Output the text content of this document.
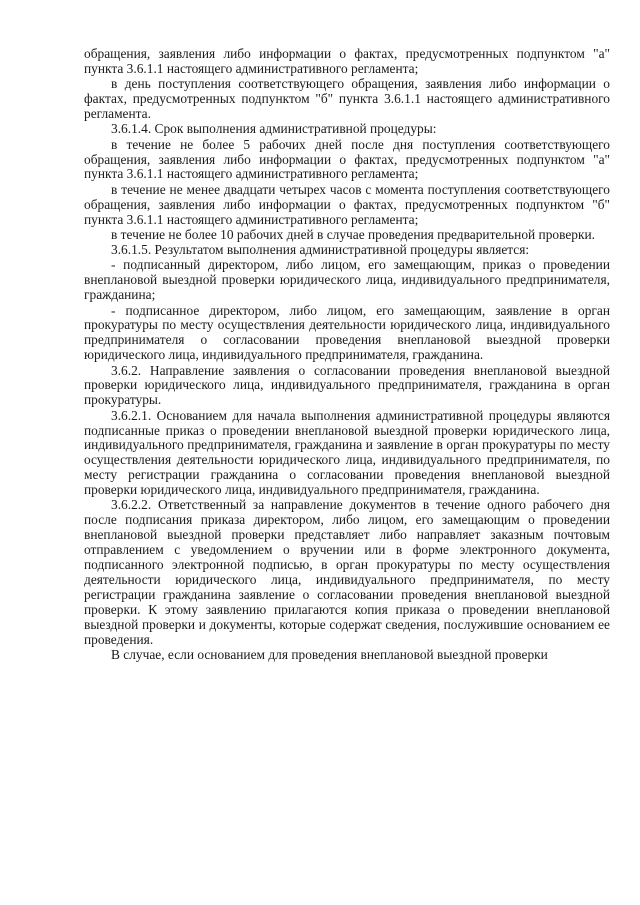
обращения, заявления либо информации о фактах, предусмотренных подпунктом "а" пункта 3.6.1.1 настоящего административного регламента;

в день поступления соответствующего обращения, заявления либо информации о фактах, предусмотренных подпунктом "б" пункта 3.6.1.1 настоящего административного регламента.

3.6.1.4. Срок выполнения административной процедуры:

в течение не более 5 рабочих дней после дня поступления соответствующего обращения, заявления либо информации о фактах, предусмотренных подпунктом "а" пункта 3.6.1.1 настоящего административного регламента;

в течение не менее двадцати четырех часов с момента поступления соответствующего обращения, заявления либо информации о фактах, предусмотренных подпунктом "б" пункта 3.6.1.1 настоящего административного регламента;

в течение не более 10 рабочих дней в случае проведения предварительной проверки.

3.6.1.5. Результатом выполнения административной процедуры является:

- подписанный директором, либо лицом, его замещающим, приказ о проведении внеплановой выездной проверки юридического лица, индивидуального предпринимателя, гражданина;

- подписанное директором, либо лицом, его замещающим, заявление в орган прокуратуры по месту осуществления деятельности юридического лица, индивидуального предпринимателя о согласовании проведения внеплановой выездной проверки юридического лица, индивидуального предпринимателя, гражданина.

3.6.2. Направление заявления о согласовании проведения внеплановой выездной проверки юридического лица, индивидуального предпринимателя, гражданина в орган прокуратуры.

3.6.2.1. Основанием для начала выполнения административной процедуры являются подписанные приказ о проведении внеплановой выездной проверки юридического лица, индивидуального предпринимателя, гражданина и заявление в орган прокуратуры по месту осуществления деятельности юридического лица, индивидуального предпринимателя, по месту регистрации гражданина о согласовании проведения внеплановой выездной проверки юридического лица, индивидуального предпринимателя, гражданина.

3.6.2.2. Ответственный за направление документов в течение одного рабочего дня после подписания приказа директором, либо лицом, его замещающим о проведении внеплановой выездной проверки представляет либо направляет заказным почтовым отправлением с уведомлением о вручении или в форме электронного документа, подписанного электронной подписью, в орган прокуратуры по месту осуществления деятельности юридического лица, индивидуального предпринимателя, по месту регистрации гражданина заявление о согласовании проведения внеплановой выездной проверки. К этому заявлению прилагаются копия приказа о проведении внеплановой выездной проверки и документы, которые содержат сведения, послужившие основанием ее проведения.

В случае, если основанием для проведения внеплановой выездной проверки
